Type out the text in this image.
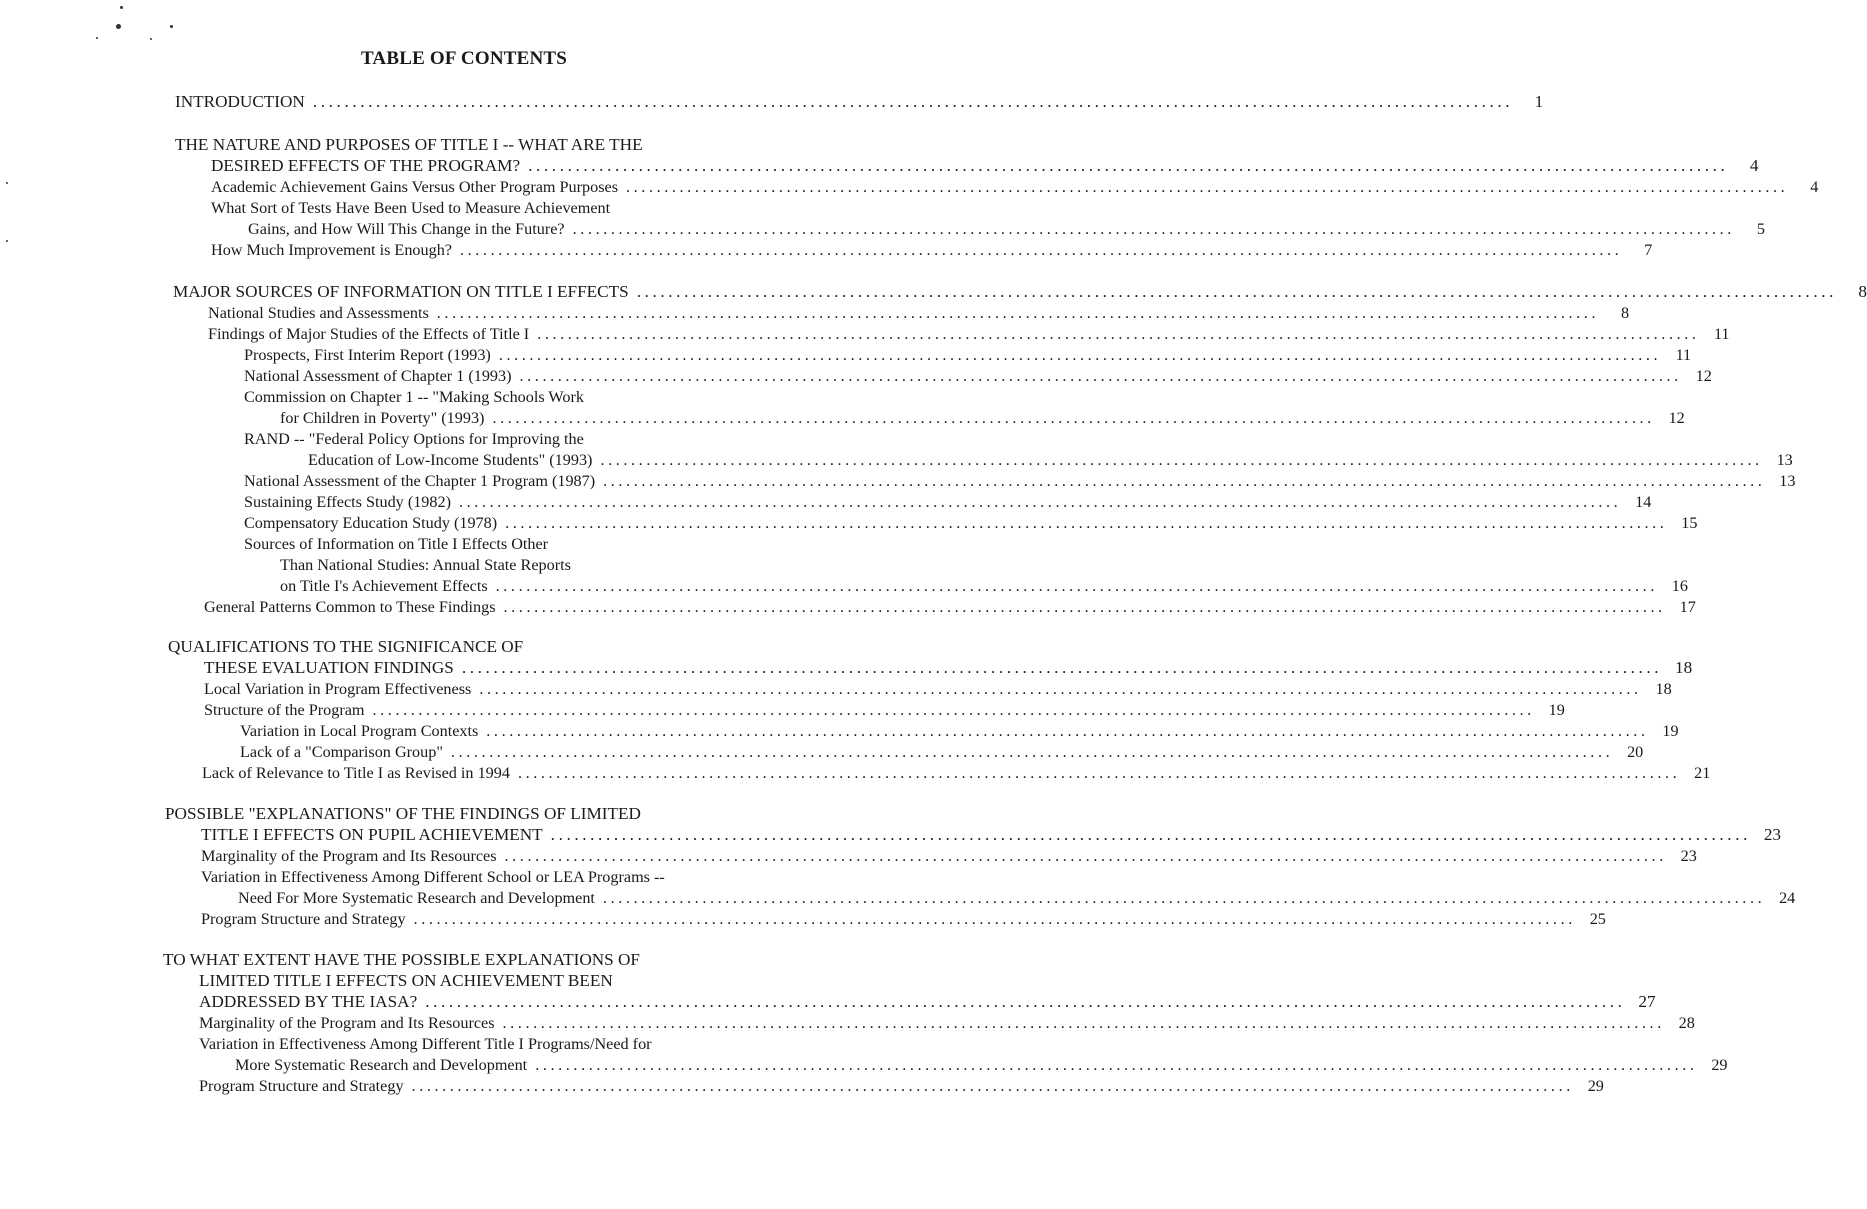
TABLE OF CONTENTS
INTRODUCTION ........................................................................................................................................................	1
THE NATURE AND PURPOSES OF TITLE I -- WHAT ARE THE
DESIRED EFFECTS OF THE PROGRAM? ........................................................................................................................................................	4
Academic Achievement Gains Versus Other Program Purposes ........................................................................................................................................................	4
What Sort of Tests Have Been Used to Measure Achievement
Gains, and How Will This Change in the Future? ........................................................................................................................................................	5
How Much Improvement is Enough? ........................................................................................................................................................	7
MAJOR SOURCES OF INFORMATION ON TITLE I EFFECTS ........................................................................................................................................................	8
National Studies and Assessments ........................................................................................................................................................	8
Findings of Major Studies of the Effects of Title I ........................................................................................................................................................ 11
Prospects, First Interim Report (1993) ........................................................................................................................................................ 11
National Assessment of Chapter 1 (1993) ........................................................................................................................................................ 12
Commission on Chapter 1 -- "Making Schools Work
for Children in Poverty" (1993) ........................................................................................................................................................ 12
RAND -- "Federal Policy Options for Improving the
Education of Low-Income Students" (1993) ........................................................................................................................................................ 13
National Assessment of the Chapter 1 Program (1987) ........................................................................................................................................................ 13
Sustaining Effects Study (1982) ........................................................................................................................................................ 14
Compensatory Education Study (1978) ........................................................................................................................................................ 15
Sources of Information on Title I Effects Other
Than National Studies: Annual State Reports
on Title I's Achievement Effects ........................................................................................................................................................ 16
General Patterns Common to These Findings ........................................................................................................................................................ 17
QUALIFICATIONS TO THE SIGNIFICANCE OF
THESE EVALUATION FINDINGS ........................................................................................................................................................ 18
Local Variation in Program Effectiveness ........................................................................................................................................................ 18
Structure of the Program ........................................................................................................................................................ 19
Variation in Local Program Contexts ........................................................................................................................................................ 19
Lack of a "Comparison Group" ........................................................................................................................................................ 20
Lack of Relevance to Title I as Revised in 1994 ........................................................................................................................................................ 21
POSSIBLE "EXPLANATIONS" OF THE FINDINGS OF LIMITED
TITLE I EFFECTS ON PUPIL ACHIEVEMENT ........................................................................................................................................................ 23
Marginality of the Program and Its Resources ........................................................................................................................................................ 23
Variation in Effectiveness Among Different School or LEA Programs --
Need For More Systematic Research and Development ........................................................................................................................................................ 24
Program Structure and Strategy ........................................................................................................................................................ 25
TO WHAT EXTENT HAVE THE POSSIBLE EXPLANATIONS OF
LIMITED TITLE I EFFECTS ON ACHIEVEMENT BEEN
ADDRESSED BY THE IASA? ........................................................................................................................................................ 27
Marginality of the Program and Its Resources ........................................................................................................................................................ 28
Variation in Effectiveness Among Different Title I Programs/Need for
More Systematic Research and Development ........................................................................................................................................................ 29
Program Structure and Strategy ........................................................................................................................................................ 29
